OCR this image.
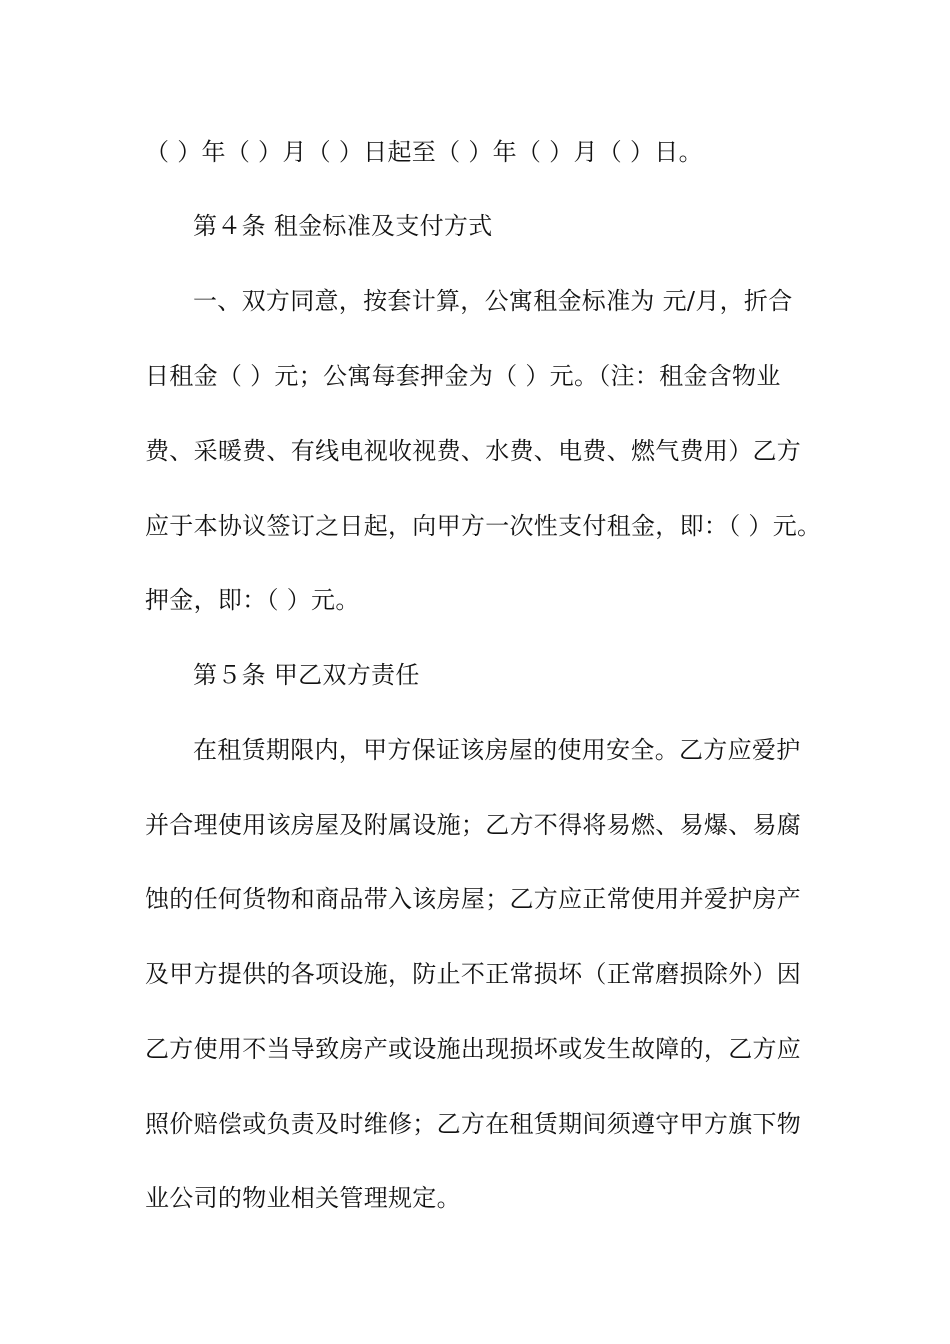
（ ）年（ ）月（ ）日起至（ ）年（ ）月（ ）日。
第４条 租金标准及支付方式
一、双方同意，按套计算，公寓租金标准为 元/月，折合
日租金（ ）元；公寓每套押金为（ ）元。（注：租金含物业
费、采暖费、有线电视收视费、水费、电费、燃气费用）乙方
应于本协议签订之日起，向甲方一次性支付租金，即：（ ）元。
押金，即：（ ）元。
第５条 甲乙双方责任
在租赁期限内，甲方保证该房屋的使用安全。乙方应爱护
并合理使用该房屋及附属设施；乙方不得将易燃、易爆、易腐
蚀的任何货物和商品带入该房屋；乙方应正常使用并爱护房产
及甲方提供的各项设施，防止不正常损坏（正常磨损除外）因
乙方使用不当导致房产或设施出现损坏或发生故障的，乙方应
照价赔偿或负责及时维修；乙方在租赁期间须遵守甲方旗下物
业公司的物业相关管理规定。
